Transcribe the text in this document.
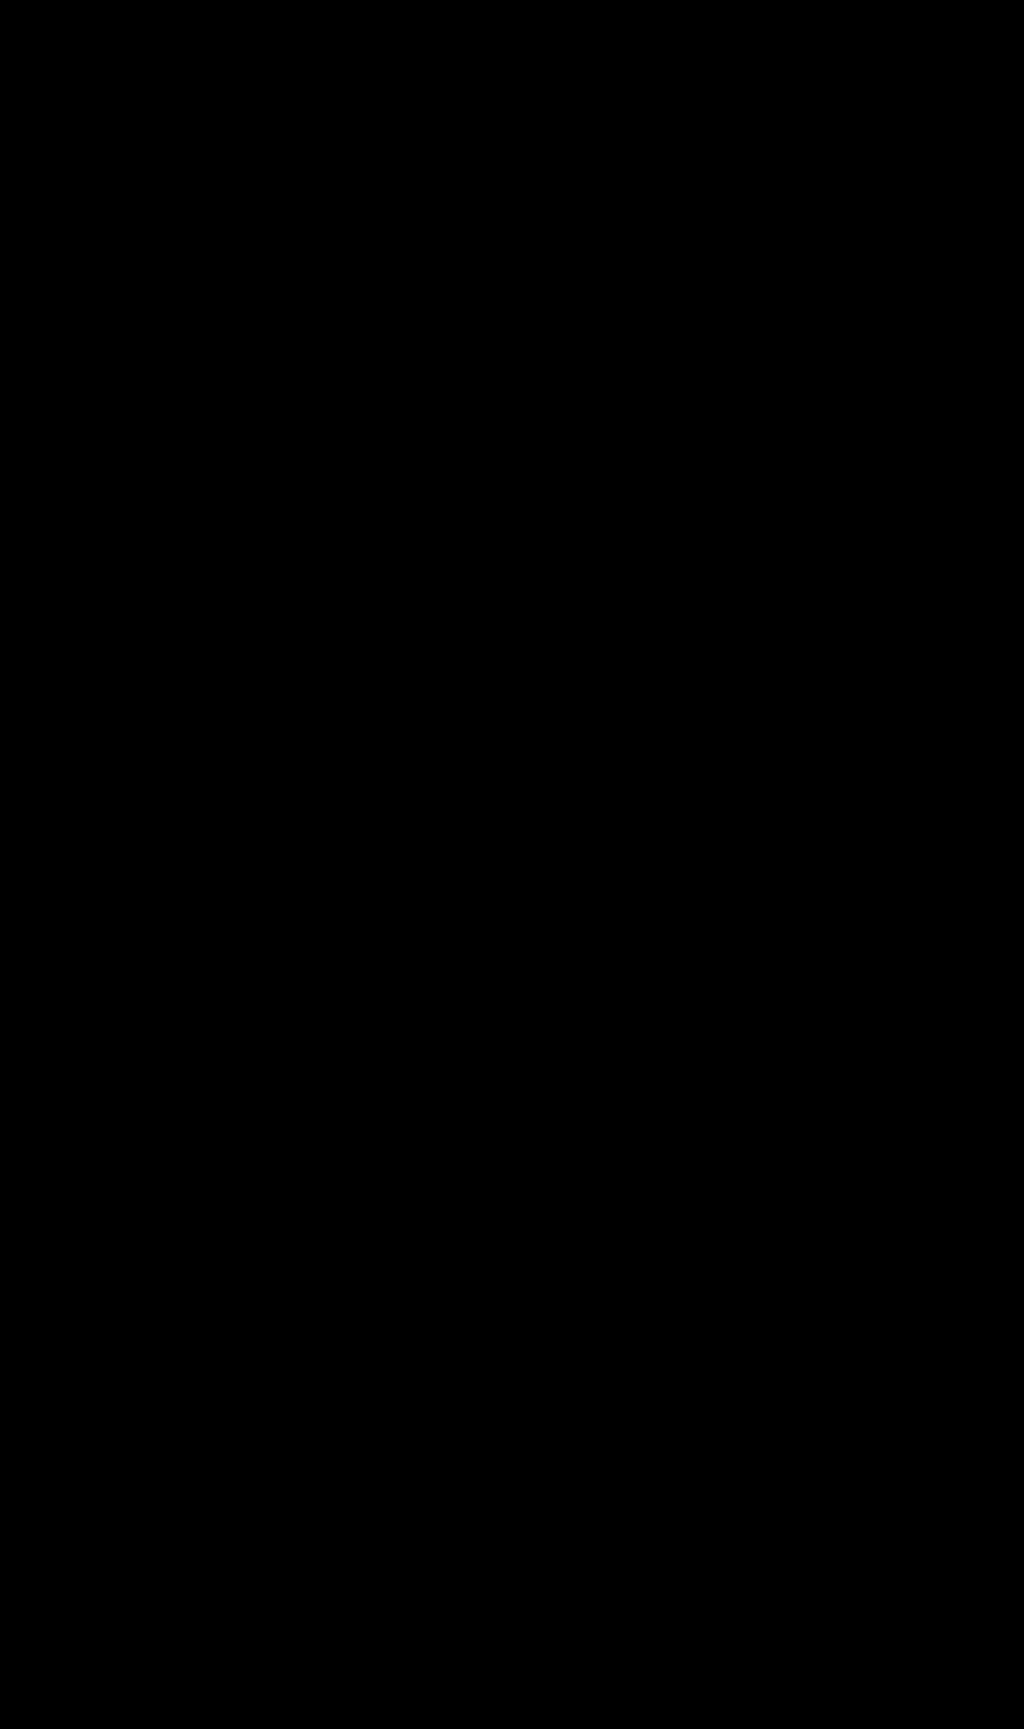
dokonuje zapisu zlecenia podawania leku, nazwę i sposób jego dawkowania oraz datę rozpoczęcia podawania i odstawienia leku.

Mieszkańcy Domu oceniani są w skali Barthla dwa razy w roku oraz nowo przyjęci mieszkańcy przy przyjęciu do Domu, a także w przypadku pogorszenia stanu zdrowia. W drugiej połowie 2016 r. wg. skali Barthla sklasyfikowano - 28 osób, w I połowie 2017 r. - 28 osób, a w II połowie 2017 r. - 26 osób.

W dniu 07.02.2017 r. Dyrektor Domu wystąpił pismem Nr DPW.025.8.2017 do Pielęgniarskiej Opieki Domowej s.c. o objęcie 26 mieszkańców Domu świadczeniami w ramach opieki długoterminowej. Pismem z dnia 10.02.2017 r. poinformowano zwrotnie, że nie ma możliwości objęcia ww. opieką mieszkańców Domu, w związku z powyższym mieszkańcy zostali wpisani na listę osób oczekujących.

W Domu prowadzona jest przez pielęgniarki książka raportów, w której odnotowują każdego dnia informacje dotyczące stanu liczbowego mieszkańców, stanu ich zdrowia, niepokojących objawów, zachowań oraz informacje o wykonaniu zleceń lekarskich. Raporty podpisywane są przez pielęgniarkę zdającą i przyjmującą dyżur.

W prowadzonych dla każdego mieszkańca indywidualnych kartach zleceń lekarskich wpisywane są informacje o nazwie zlecenia lub leku, sposób jego dawkowania, data zlecenia. Ww. zlecenia opatrzone zostały pieczęcią i podpisem lekarza zlecającego, a także podpisem pielęgniarki która zlecenie wykonała. W przypadku zakończenia leczenia lekarz zlecający odnotowuje zakończenie leczenia, a pielęgniarka potwierdza wykonanie zlecenia w indywidualnych kartach zleceń.

Dom dysponuje gabinetami fizjoterapii składającymi się z trzech pomieszczeń. Na I piętrze, w sali wyposażonej w sprzęt rehabilitacyjny odbywają się działania kinezyterapeutyczne, a w drugiej sali zabiegi fizykoterapii i masażu. Na poziomie pierwszym znajduje się sala wyposażona w sprzęt sportowo-rekreacyjny. Dla osób leżących prowadzona jest rehabilitacja przyłóżkowa. Ponadto mieszkańcy mają możliwość korzystania z aktywności ruchowej tj.: spacery, gry i zabawy ruchowe, gra w tenisa stołowego, ćwiczenia na świeżym powietrzu, jazda na rowerach, pływanie na rowerze wodnym po rzece. Zajęcia prowadzi dwóch techników fizjoterapii od poniedziałku do piątku w godz. 7.00-15.00. Z prowadzonych zajęć opracowywany jest tygodniowy plan pracy rehabilitacji, który zawiera wyszczególniony dla każdego technika fizjoterapii zakres prowadzonych zajęć oraz wyszczególnione godziny pracy na każdy dzień tygodnia. W Domu prowadzone są Indywidualne programy rehabilitacji dla 102 osób, w których zawarte są m.in.: rozpoznanie, cele długo i krótko terminowe do pracy usprawniającej. Co pół roku technicy fizjoterapii dokonują podsumowania realizacji prowadzonego postępowania oraz dokonują zapisu wskazówek do dalszej pracy z mieszkańcem.

Ponadto w prowadzonej książce zabiegów i obserwacji z zajęć na bieżni, dokonywane są zapisy danych mieszkańca i czas realizacji zajęć. W książce zabiegów fizjoterapii znajdują się zlecenia lekarza na zabiegi, dane o przeprowadzeniu zabiegu (imię i nazwisko mieszkańca, data, czas trwania zabiegu, rodzaj). Dla wszystkich mieszkańców prowadzony jest Dziennik Rehabilitacji Społecznej-Zajęcia Sportowe, w której uwzględnia się rodzaj i tematykę zajęć, czas trwania zajęć, nazwisko osoby prowadzącej zajęcia, nazwiska osób uczestniczących, uwagi. W ostatnim okresie na potrzeby mieszkańców został zakupiony sprzęt rehabilitacyjny, sportowy oraz usprawniający.

W okresie objętym kontrolą mieszkańcy nie korzystali z wyjazdów na turnusy rehabilitacyjne. W toku czynności kontrolnych ustalono, że mieszkańcy Domu otrzymali dofinansowanie do zakupu 2 wózków inwalidzkich. Natomiast dofinansowanie do pieluchomajtek w 2016 r. posiadało - 33 mieszkańców, a w 2017 roku - 29 mieszkańców, jeden mieszkaniec posiada zlecenie na worki stomijne.

Zgodnie z obowiązującymi przepisami Dom pokrywa opłaty ryczałtowe i częściową odpłatność za leki do wysokości limitu ceny, przewidziane w przepisach o świadczeniach opieki

10
